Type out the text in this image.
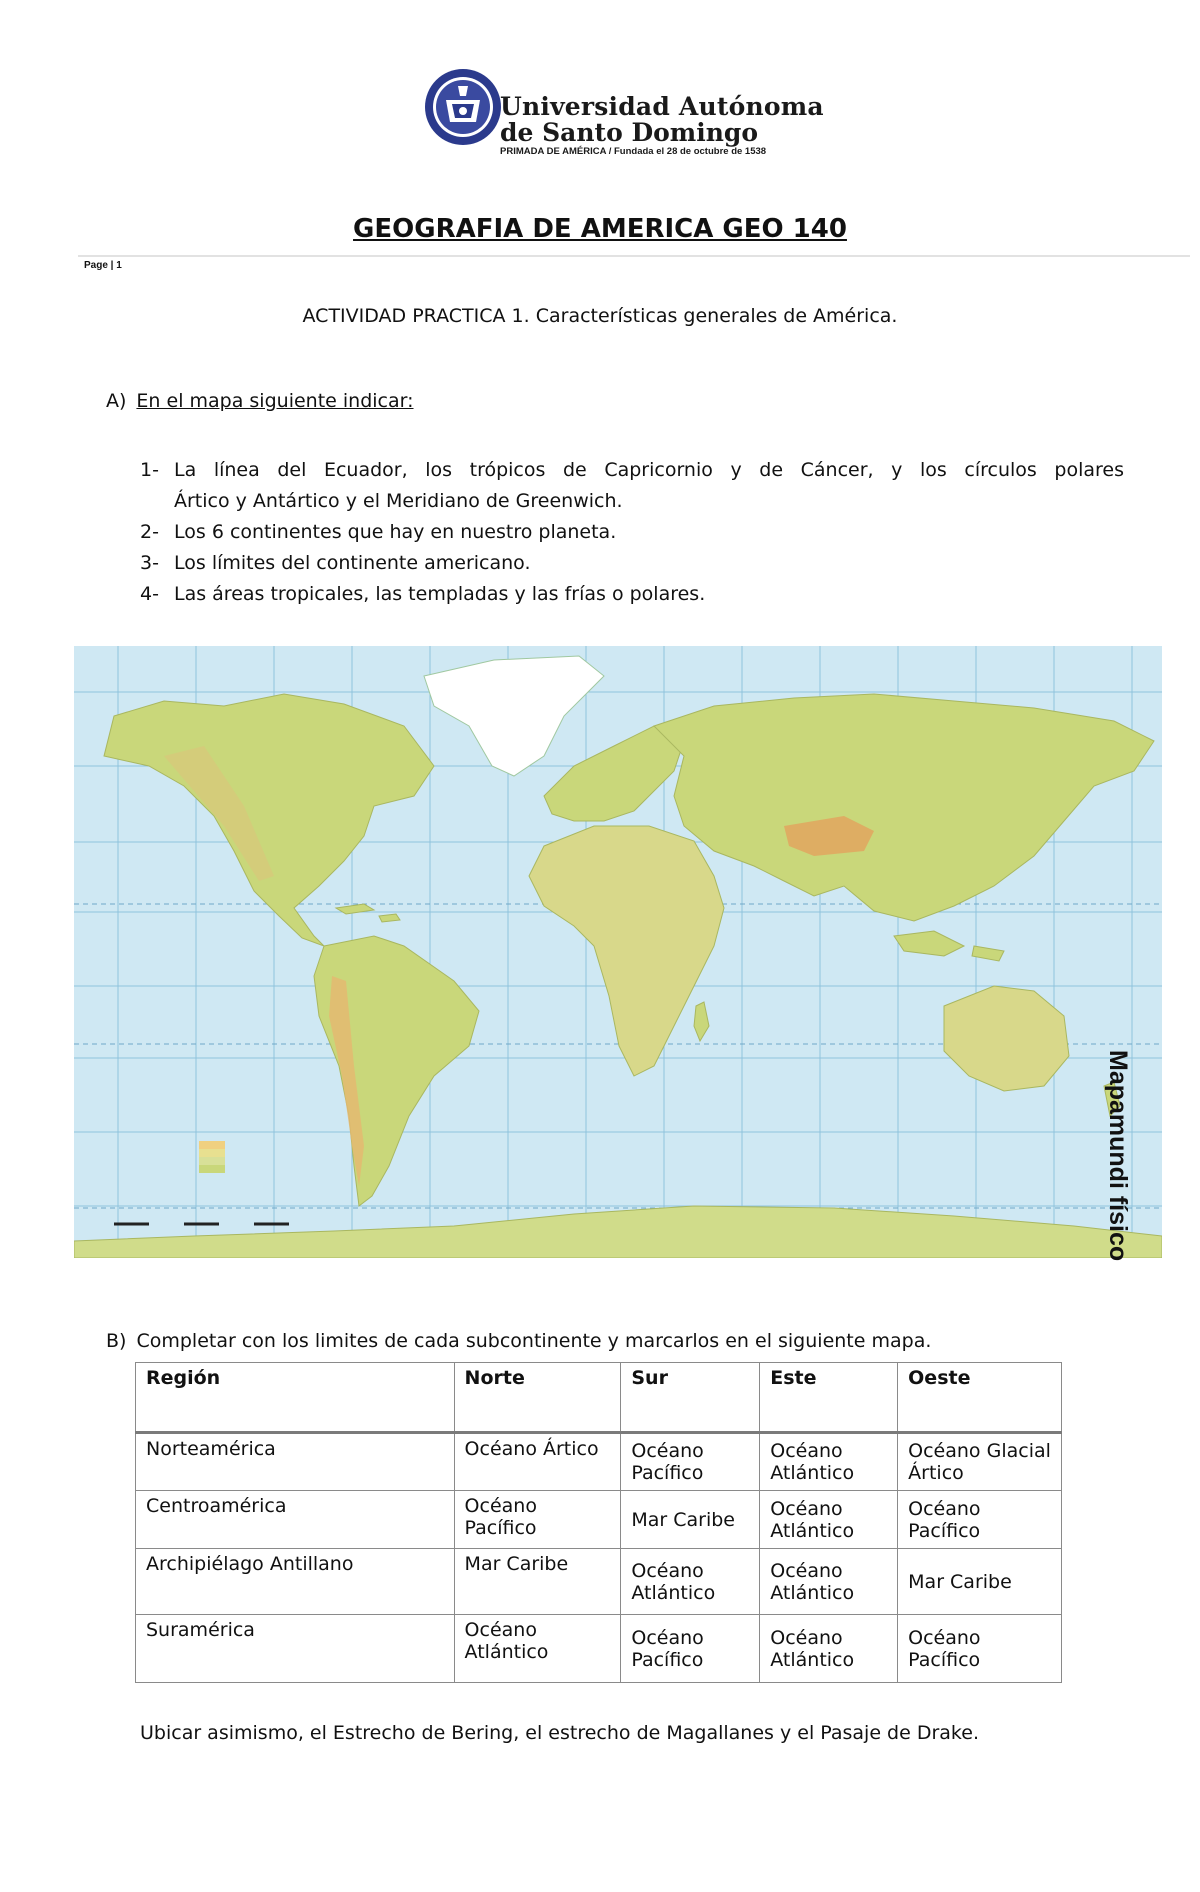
Universidad Autónoma
de Santo Domingo
PRIMADA DE AMÉRICA / Fundada el 28 de octubre de 1538
GEOGRAFIA DE AMERICA GEO 140
Page | 1
ACTIVIDAD PRACTICA 1. Características generales de América.
A) En el mapa siguiente indicar:
1- La línea del Ecuador, los trópicos de Capricornio y de Cáncer, y los círculos polares
Ártico y Antártico y el Meridiano de Greenwich.
2- Los 6 continentes que hay en nuestro planeta.
3- Los límites del continente americano.
4- Las áreas tropicales, las templadas y las frías o polares.
Mapamundi físico
B) Completar con los limites de cada subcontinente y marcarlos en el siguiente mapa.
Región	Norte	Sur	Este	Oeste
Norteamérica	Océano Ártico	Océano Pacífico	Océano Atlántico	Océano Glacial Ártico
Centroamérica	Océano Pacífico	Mar Caribe	Océano Atlántico	Océano Pacífico
Archipiélago Antillano	Mar Caribe	Océano Atlántico	Océano Atlántico	Mar Caribe
Suramérica	Océano Atlántico	Océano Pacífico	Océano Atlántico	Océano Pacífico
Ubicar asimismo, el Estrecho de Bering, el estrecho de Magallanes y el Pasaje de Drake.
